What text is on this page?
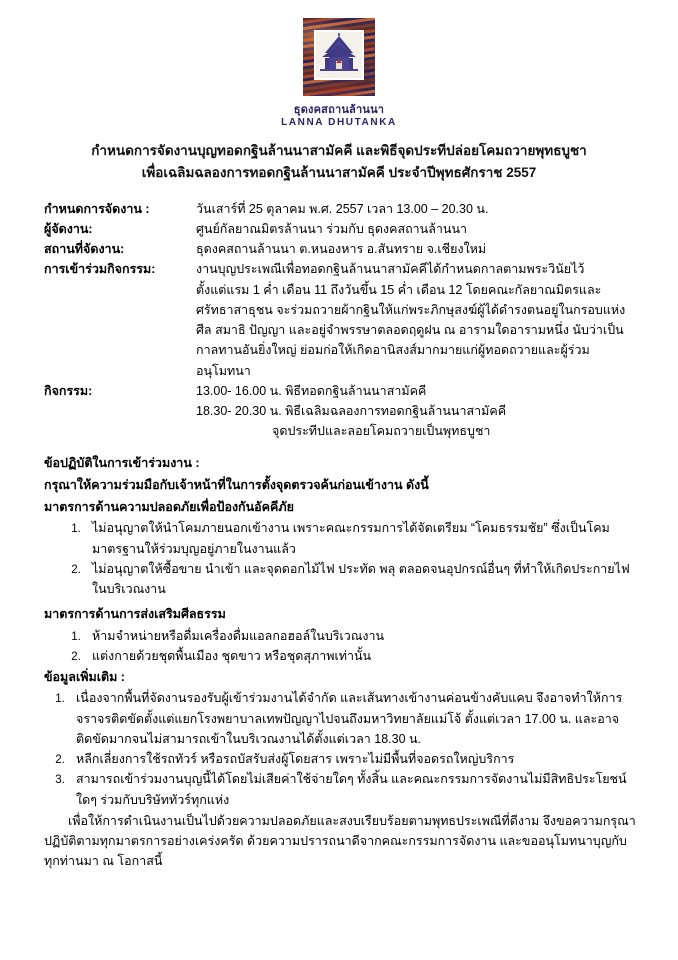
ธุดงคสถานล้านนา
LANNA DHUTANKA
กำหนดการจัดงานบุญทอดกฐินล้านนาสามัคคี และพิธีจุดประทีปล่อยโคมถวายพุทธบูชา
เพื่อเฉลิมฉลองการทอดกฐินล้านนาสามัคคี ประจำปีพุทธศักราช 2557
กำหนดการจัดงาน :	วันเสาร์ที่ 25 ตุลาคม พ.ศ. 2557 เวลา 13.00 – 20.30 น.
ผู้จัดงาน:	ศูนย์กัลยาณมิตรล้านนา ร่วมกับ ธุดงคสถานล้านนา
สถานที่จัดงาน:	ธุดงคสถานล้านนา ต.หนองหาร อ.สันทราย จ.เชียงใหม่
การเข้าร่วมกิจกรรม:	งานบุญประเพณีเพื่อทอดกฐินล้านนาสามัคคีได้กำหนดกาลตามพระวินัยไว้
ตั้งแต่แรม 1 ค่ำ เดือน 11 ถึงวันขึ้น 15 ค่ำ เดือน 12 โดยคณะกัลยาณมิตรและ
ศรัทธาสาธุชน จะร่วมถวายผ้ากฐินให้แก่พระภิกษุสงฆ์ผู้ได้ดำรงตนอยู่ในกรอบแห่ง
ศีล สมาธิ ปัญญา และอยู่จำพรรษาตลอดฤดูฝน ณ อารามใดอารามหนึ่ง นับว่าเป็น
กาลทานอันยิ่งใหญ่ ย่อมก่อให้เกิดอานิสงส์มากมายแก่ผู้ทอดถวายและผู้ร่วม
อนุโมทนา
กิจกรรม:	13.00- 16.00 น. พิธีทอดกฐินล้านนาสามัคคี
18.30- 20.30 น. พิธีเฉลิมฉลองการทอดกฐินล้านนาสามัคคี
จุดประทีปและลอยโคมถวายเป็นพุทธบูชา
ข้อปฏิบัติในการเข้าร่วมงาน :
กรุณาให้ความร่วมมือกับเจ้าหน้าที่ในการตั้งจุดตรวจค้นก่อนเข้างาน ดังนี้
มาตรการด้านความปลอดภัยเพื่อป้องกันอัคคีภัย
1. ไม่อนุญาตให้นำโคมภายนอกเข้างาน เพราะคณะกรรมการได้จัดเตรียม “โคมธรรมชัย” ซึ่งเป็นโคมมาตรฐานให้ร่วมบุญอยู่ภายในงานแล้ว
2. ไม่อนุญาตให้ซื้อขาย นำเข้า และจุดดอกไม้ไฟ ประทัด พลุ ตลอดจนอุปกรณ์อื่นๆ ที่ทำให้เกิดประกายไฟในบริเวณงาน
มาตรการด้านการส่งเสริมศีลธรรม
1. ห้ามจำหน่ายหรือดื่มเครื่องดื่มแอลกอฮอล์ในบริเวณงาน
2. แต่งกายด้วยชุดพื้นเมือง ชุดขาว หรือชุดสุภาพเท่านั้น
ข้อมูลเพิ่มเติม :
1. เนื่องจากพื้นที่จัดงานรองรับผู้เข้าร่วมงานได้จำกัด และเส้นทางเข้างานค่อนข้างคับแคบ จึงอาจทำให้การจราจรติดขัดตั้งแต่แยกโรงพยาบาลเทพปัญญาไปจนถึงมหาวิทยาลัยแม่โจ้ ตั้งแต่เวลา 17.00 น. และอาจติดขัดมากจนไม่สามารถเข้าในบริเวณงานได้ตั้งแต่เวลา 18.30 น.
2. หลีกเลี่ยงการใช้รถทัวร์ หรือรถบัสรับส่งผู้โดยสาร เพราะไม่มีพื้นที่จอดรถใหญ่บริการ
3. สามารถเข้าร่วมงานบุญนี้ได้โดยไม่เสียค่าใช้จ่ายใดๆ ทั้งสิ้น และคณะกรรมการจัดงานไม่มีสิทธิประโยชน์ใดๆ ร่วมกับบริษัททัวร์ทุกแห่ง
เพื่อให้การดำเนินงานเป็นไปด้วยความปลอดภัยและสงบเรียบร้อยตามพุทธประเพณีที่ดีงาม จึงขอความกรุณาปฏิบัติตามทุกมาตรการอย่างเคร่งครัด ด้วยความปรารถนาดีจากคณะกรรมการจัดงาน และขออนุโมทนาบุญกับทุกท่านมา ณ โอกาสนี้
